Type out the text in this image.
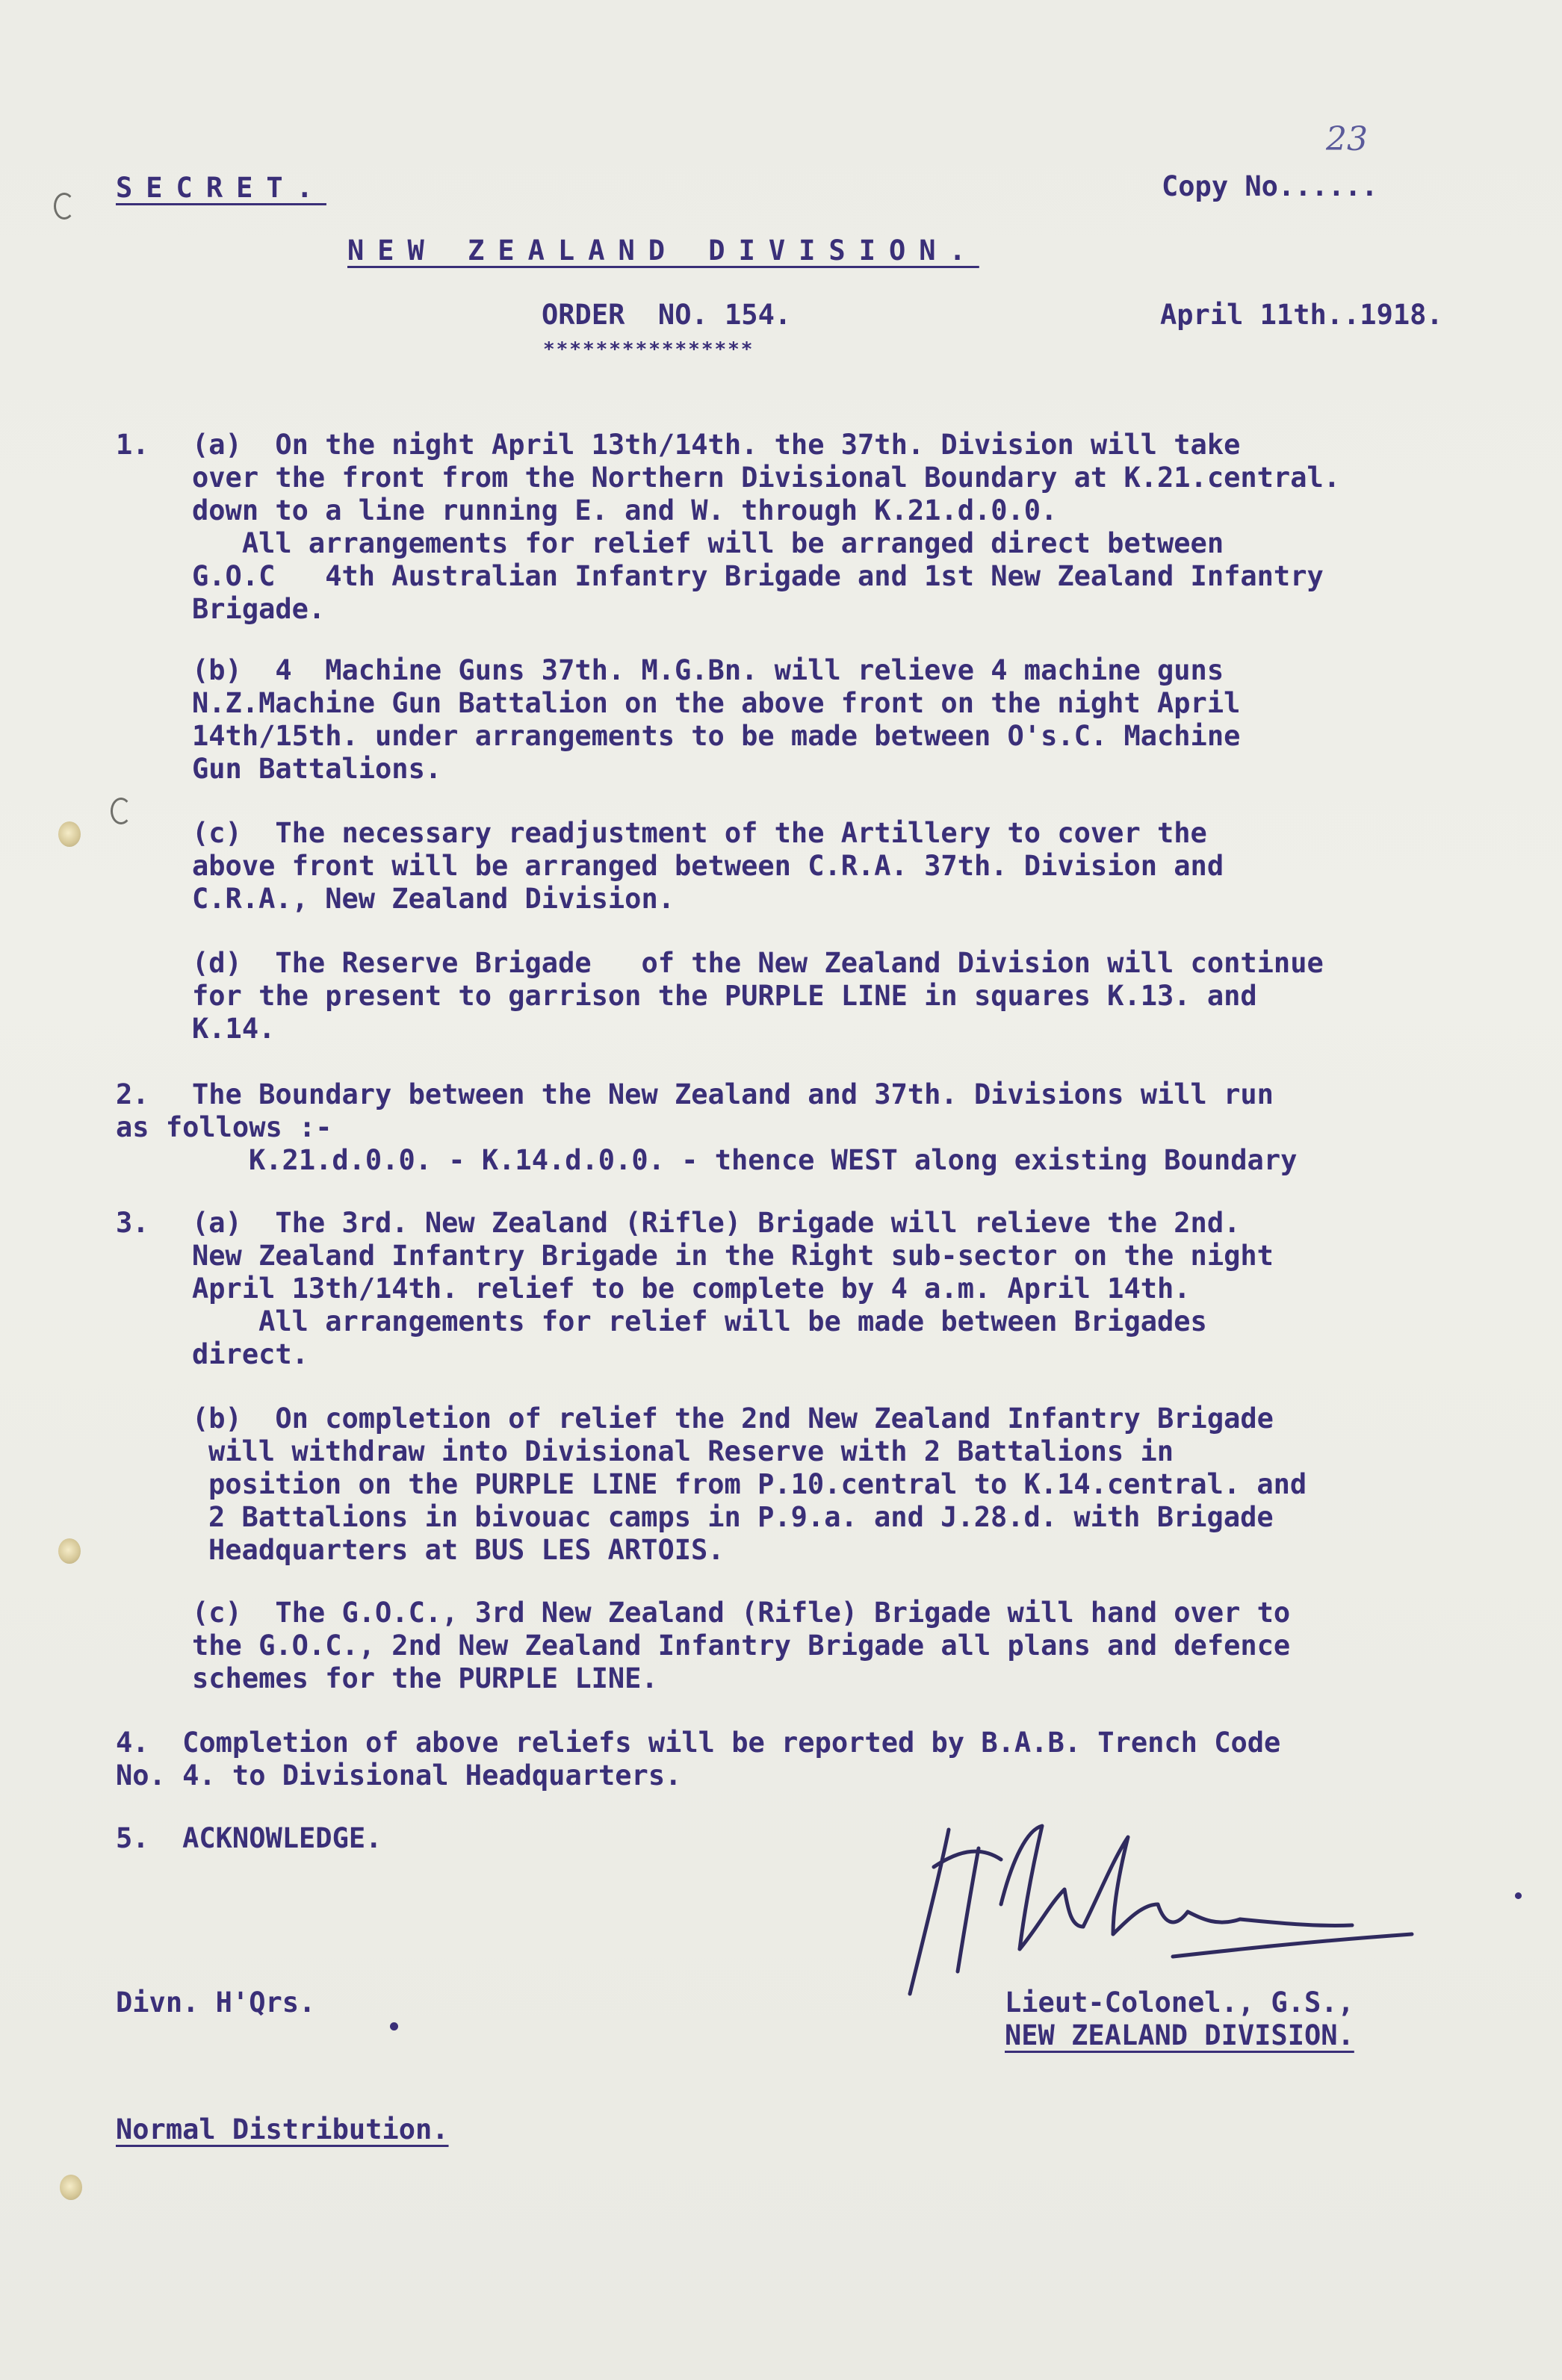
SECRET.	Copy No......
23
NEW ZEALAND DIVISION.
ORDER  NO. 154.
****************
April 11th..1918.
1. (a)  On the night April 13th/14th. the 37th. Division will take
over the front from the Northern Divisional Boundary at K.21.central.
down to a line running E. and W. through K.21.d.0.0.
All arrangements for relief will be arranged direct between
G.O.C   4th Australian Infantry Brigade and 1st New Zealand Infantry
Brigade.
(b)  4  Machine Guns 37th. M.G.Bn. will relieve 4 machine guns
N.Z.Machine Gun Battalion on the above front on the night April
14th/15th. under arrangements to be made between O's.C. Machine
Gun Battalions.
(c)  The necessary readjustment of the Artillery to cover the
above front will be arranged between C.R.A. 37th. Division and
C.R.A., New Zealand Division.
(d)  The Reserve Brigade   of the New Zealand Division will continue
for the present to garrison the PURPLE LINE in squares K.13. and
K.14.
2. The Boundary between the New Zealand and 37th. Divisions will run
as follows :-
K.21.d.0.0. - K.14.d.0.0. - thence WEST along existing Boundary
3. (a)  The 3rd. New Zealand (Rifle) Brigade will relieve the 2nd.
New Zealand Infantry Brigade in the Right sub-sector on the night
April 13th/14th. relief to be complete by 4 a.m. April 14th.
All arrangements for relief will be made between Brigades
direct.
(b)  On completion of relief the 2nd New Zealand Infantry Brigade
will withdraw into Divisional Reserve with 2 Battalions in
position on the PURPLE LINE from P.10.central to K.14.central. and
2 Battalions in bivouac camps in P.9.a. and J.28.d. with Brigade
Headquarters at BUS LES ARTOIS.
(c)  The G.O.C., 3rd New Zealand (Rifle) Brigade will hand over to
the G.O.C., 2nd New Zealand Infantry Brigade all plans and defence
schemes for the PURPLE LINE.
4.  Completion of above reliefs will be reported by B.A.B. Trench Code
No. 4. to Divisional Headquarters.
5.  ACKNOWLEDGE.
Divn. H'Qrs.	Lieut-Colonel., G.S.,
NEW ZEALAND DIVISION.
Normal Distribution.
